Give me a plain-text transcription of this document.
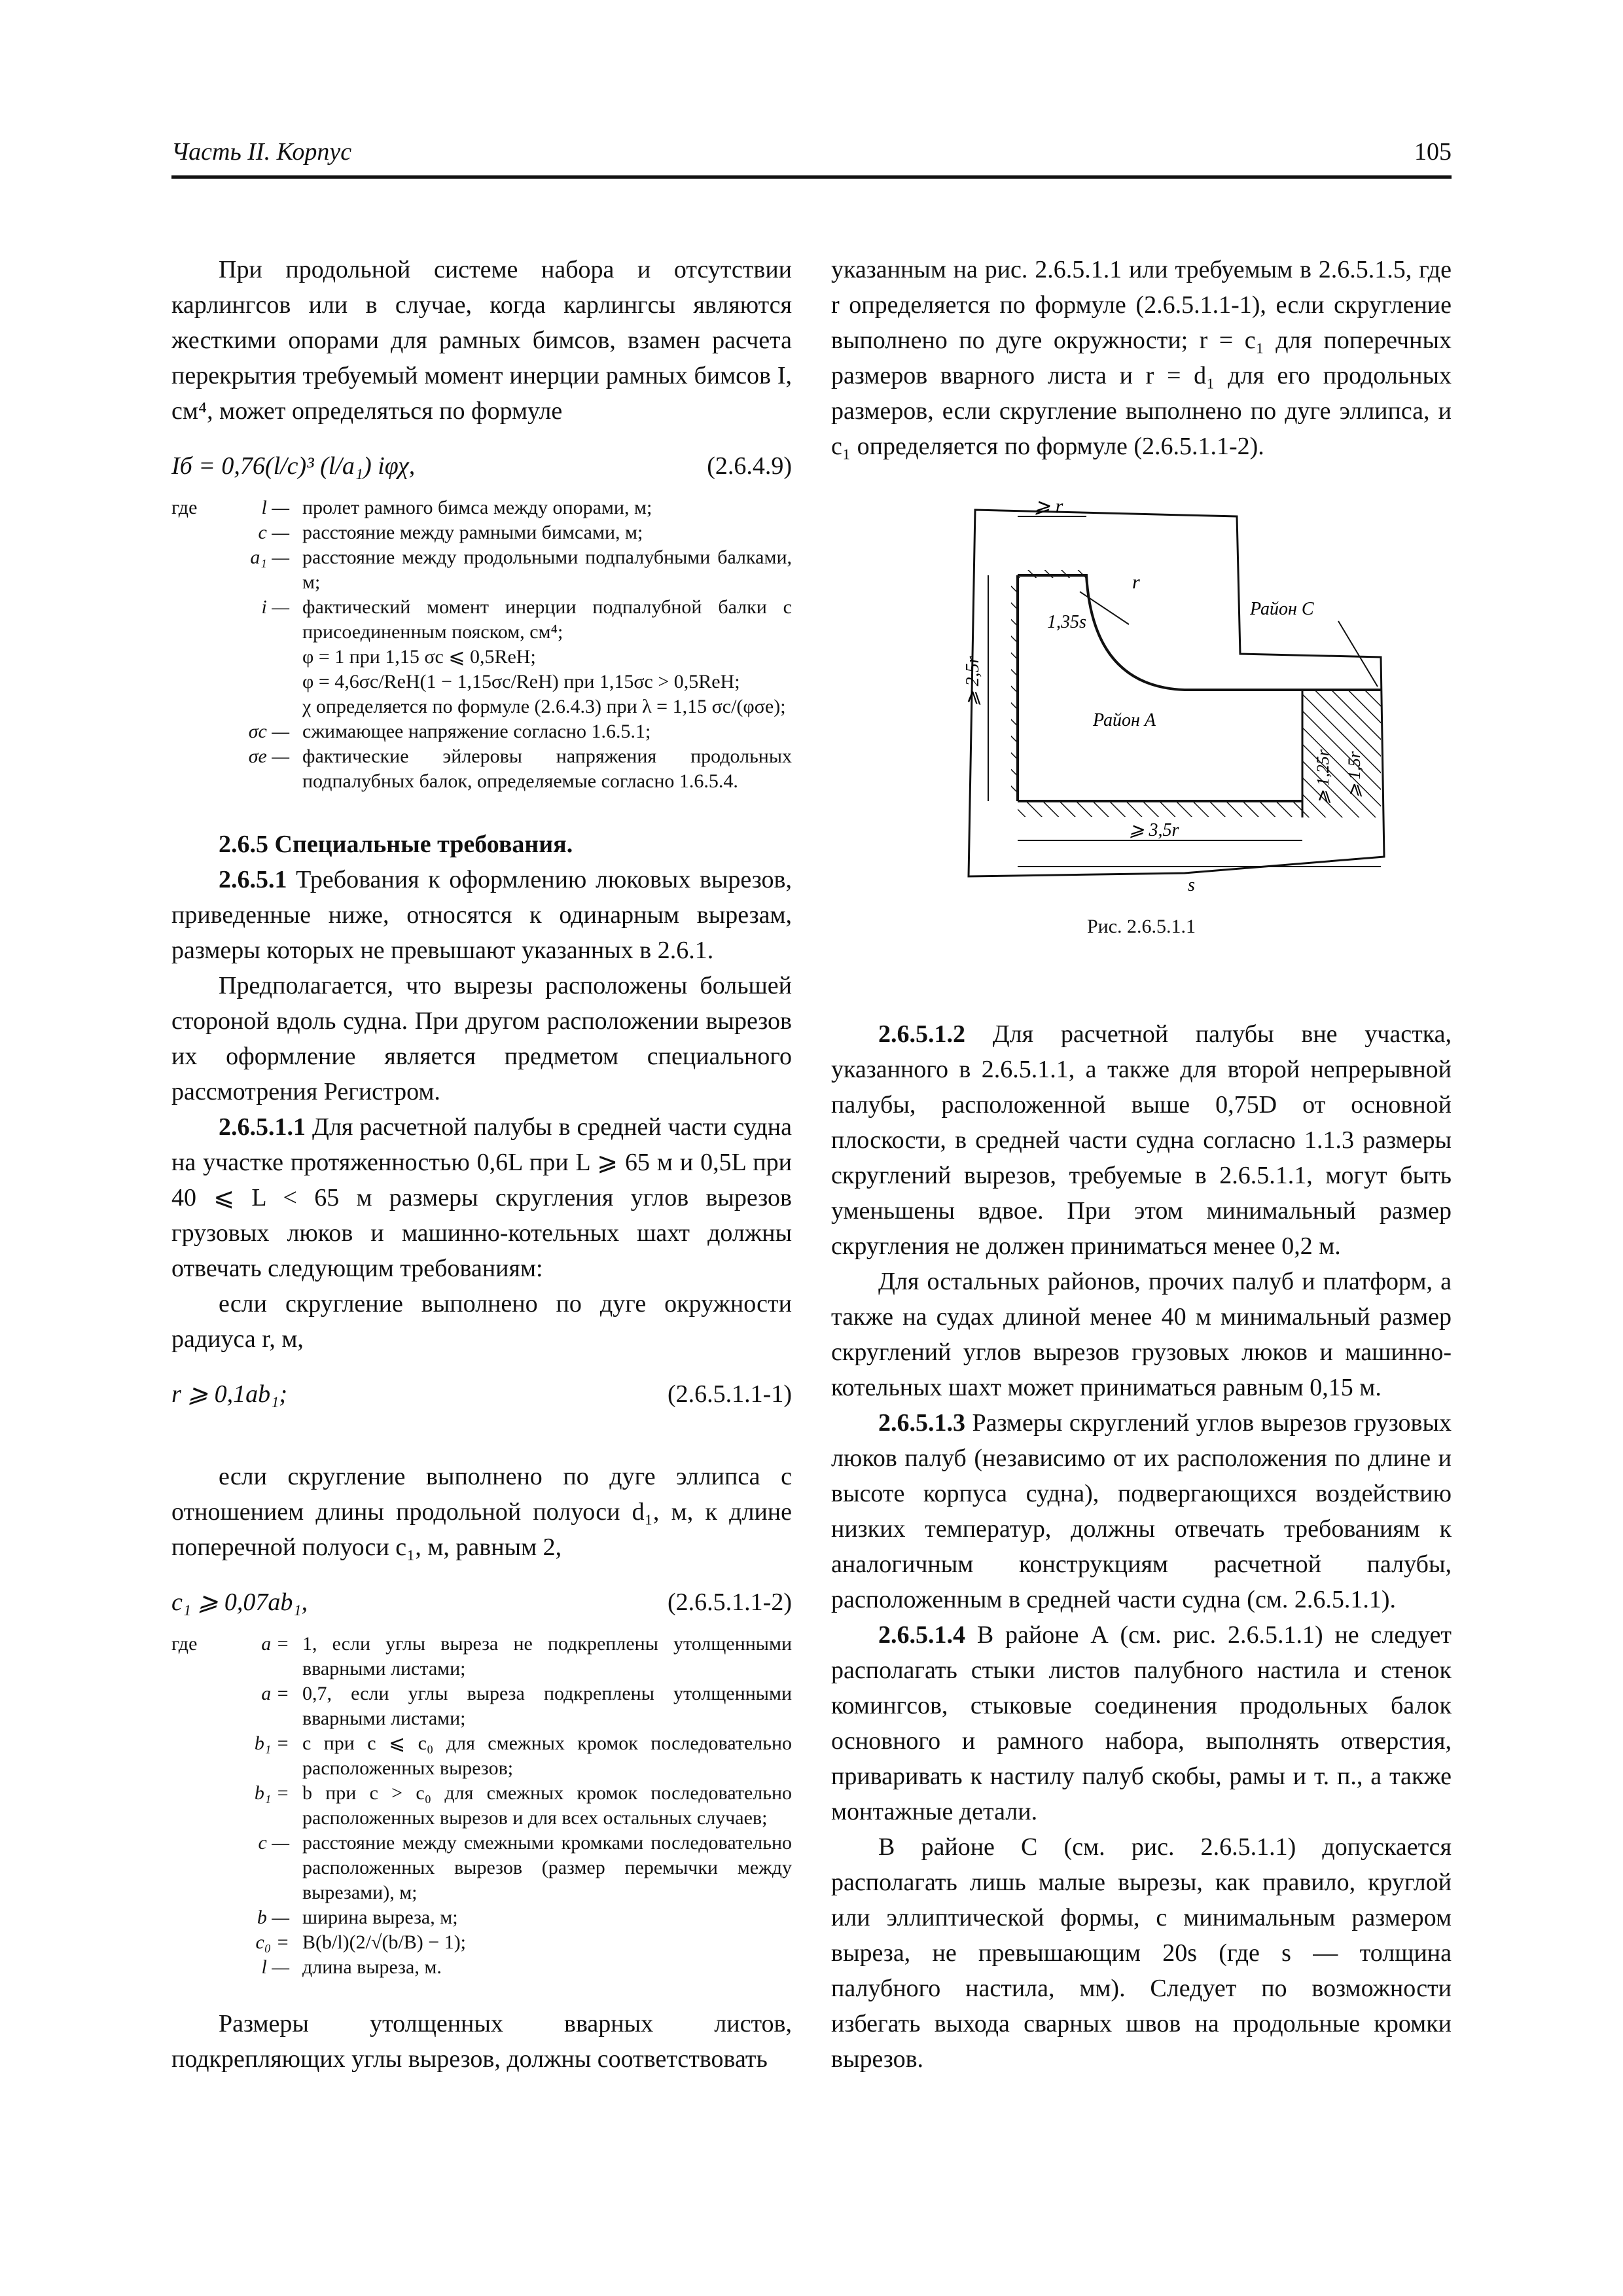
Часть II. Корпус	105

При продольной системе набора и отсутствии карлингсов или в случае, когда карлингсы являются жесткими опорами для рамных бимсов, взамен расчета перекрытия требуемый момент инерции рамных бимсов I, см⁴, может определяться по формуле

Iб = 0,76(l/c)³ (l/a₁) iφχ,	(2.6.4.9)
где	l — пролет рамного бимса между опорами, м;
c — расстояние между рамными бимсами, м;
a₁ — расстояние между продольными подпалубными балками, м;
i — фактический момент инерции подпалубной балки с присоединенным пояском, см⁴;
φ = 1 при 1,15 σc ⩽ 0,5ReH;
φ = 4,6σc/ReH(1 − 1,15σc/ReH) при 1,15σc > 0,5ReH;
χ определяется по формуле (2.6.4.3) при λ = 1,15 σc/(φσe);
σc — сжимающее напряжение согласно 1.6.5.1;
σe — фактические эйлеровы напряжения продольных подпалубных балок, определяемые согласно 1.6.5.4.

2.6.5 Специальные требования.

2.6.5.1 Требования к оформлению люковых вырезов, приведенные ниже, относятся к одинарным вырезам, размеры которых не превышают указанных в 2.6.1.

Предполагается, что вырезы расположены большей стороной вдоль судна. При другом расположении вырезов их оформление является предметом специального рассмотрения Регистром.

2.6.5.1.1 Для расчетной палубы в средней части судна на участке протяженностью 0,6L при L ⩾ 65 м и 0,5L при 40 ⩽ L < 65 м размеры скругления углов вырезов грузовых люков и машинно-котельных шахт должны отвечать следующим требованиям:

если скругление выполнено по дуге окружности радиуса r, м,

r ⩾ 0,1ab₁;	(2.6.5.1.1-1)

если скругление выполнено по дуге эллипса с отношением длины продольной полуоси d₁, м, к длине поперечной полуоси c₁, м, равным 2,

c₁ ⩾ 0,07ab₁,	(2.6.5.1.1-2)
где	a = 1, если углы выреза не подкреплены утолщенными вварными листами;
a = 0,7, если углы выреза подкреплены утолщенными вварными листами;
b₁ = c при c ⩽ c₀ для смежных кромок последовательно расположенных вырезов;
b₁ = b при c > c₀ для смежных кромок последовательно расположенных вырезов и для всех остальных случаев;
c — расстояние между смежными кромками последовательно расположенных вырезов (размер перемычки между вырезами), м;
b — ширина выреза, м;
c₀ = B(b/l)(2/√(b/B) − 1);
l — длина выреза, м.

Размеры утолщенных вварных листов, подкрепляющих углы вырезов, должны соответствовать

указанным на рис. 2.6.5.1.1 или требуемым в 2.6.5.1.5, где r определяется по формуле (2.6.5.1.1-1), если скругление выполнено по дуге окружности; r = c₁ для поперечных размеров вварного листа и r = d₁ для его продольных размеров, если скругление выполнено по дуге эллипса, и c₁ определяется по формуле (2.6.5.1.1-2).

⩾ r
r
⩾ 2,5r
1,35s
Район C
Район А
⩾ 1,25r ⩾ 1,5r
⩾ 3,5r
s
Рис. 2.6.5.1.1

2.6.5.1.2 Для расчетной палубы вне участка, указанного в 2.6.5.1.1, а также для второй непрерывной палубы, расположенной выше 0,75D от основной плоскости, в средней части судна согласно 1.1.3 размеры скруглений вырезов, требуемые в 2.6.5.1.1, могут быть уменьшены вдвое. При этом минимальный размер скругления не должен приниматься менее 0,2 м.

Для остальных районов, прочих палуб и платформ, а также на судах длиной менее 40 м минимальный размер скруглений углов вырезов грузовых люков и машинно-котельных шахт может приниматься равным 0,15 м.

2.6.5.1.3 Размеры скруглений углов вырезов грузовых люков палуб (независимо от их расположения по длине и высоте корпуса судна), подвергающихся воздействию низких температур, должны отвечать требованиям к аналогичным конструкциям расчетной палубы, расположенным в средней части судна (см. 2.6.5.1.1).

2.6.5.1.4 В районе А (см. рис. 2.6.5.1.1) не следует располагать стыки листов палубного настила и стенок комингсов, стыковые соединения продольных балок основного и рамного набора, выполнять отверстия, приваривать к настилу палуб скобы, рамы и т. п., а также монтажные детали.

В районе С (см. рис. 2.6.5.1.1) допускается располагать лишь малые вырезы, как правило, круглой или эллиптической формы, с минимальным размером выреза, не превышающим 20s (где s — толщина палубного настила, мм). Следует по возможности избегать выхода сварных швов на продольные кромки вырезов.
